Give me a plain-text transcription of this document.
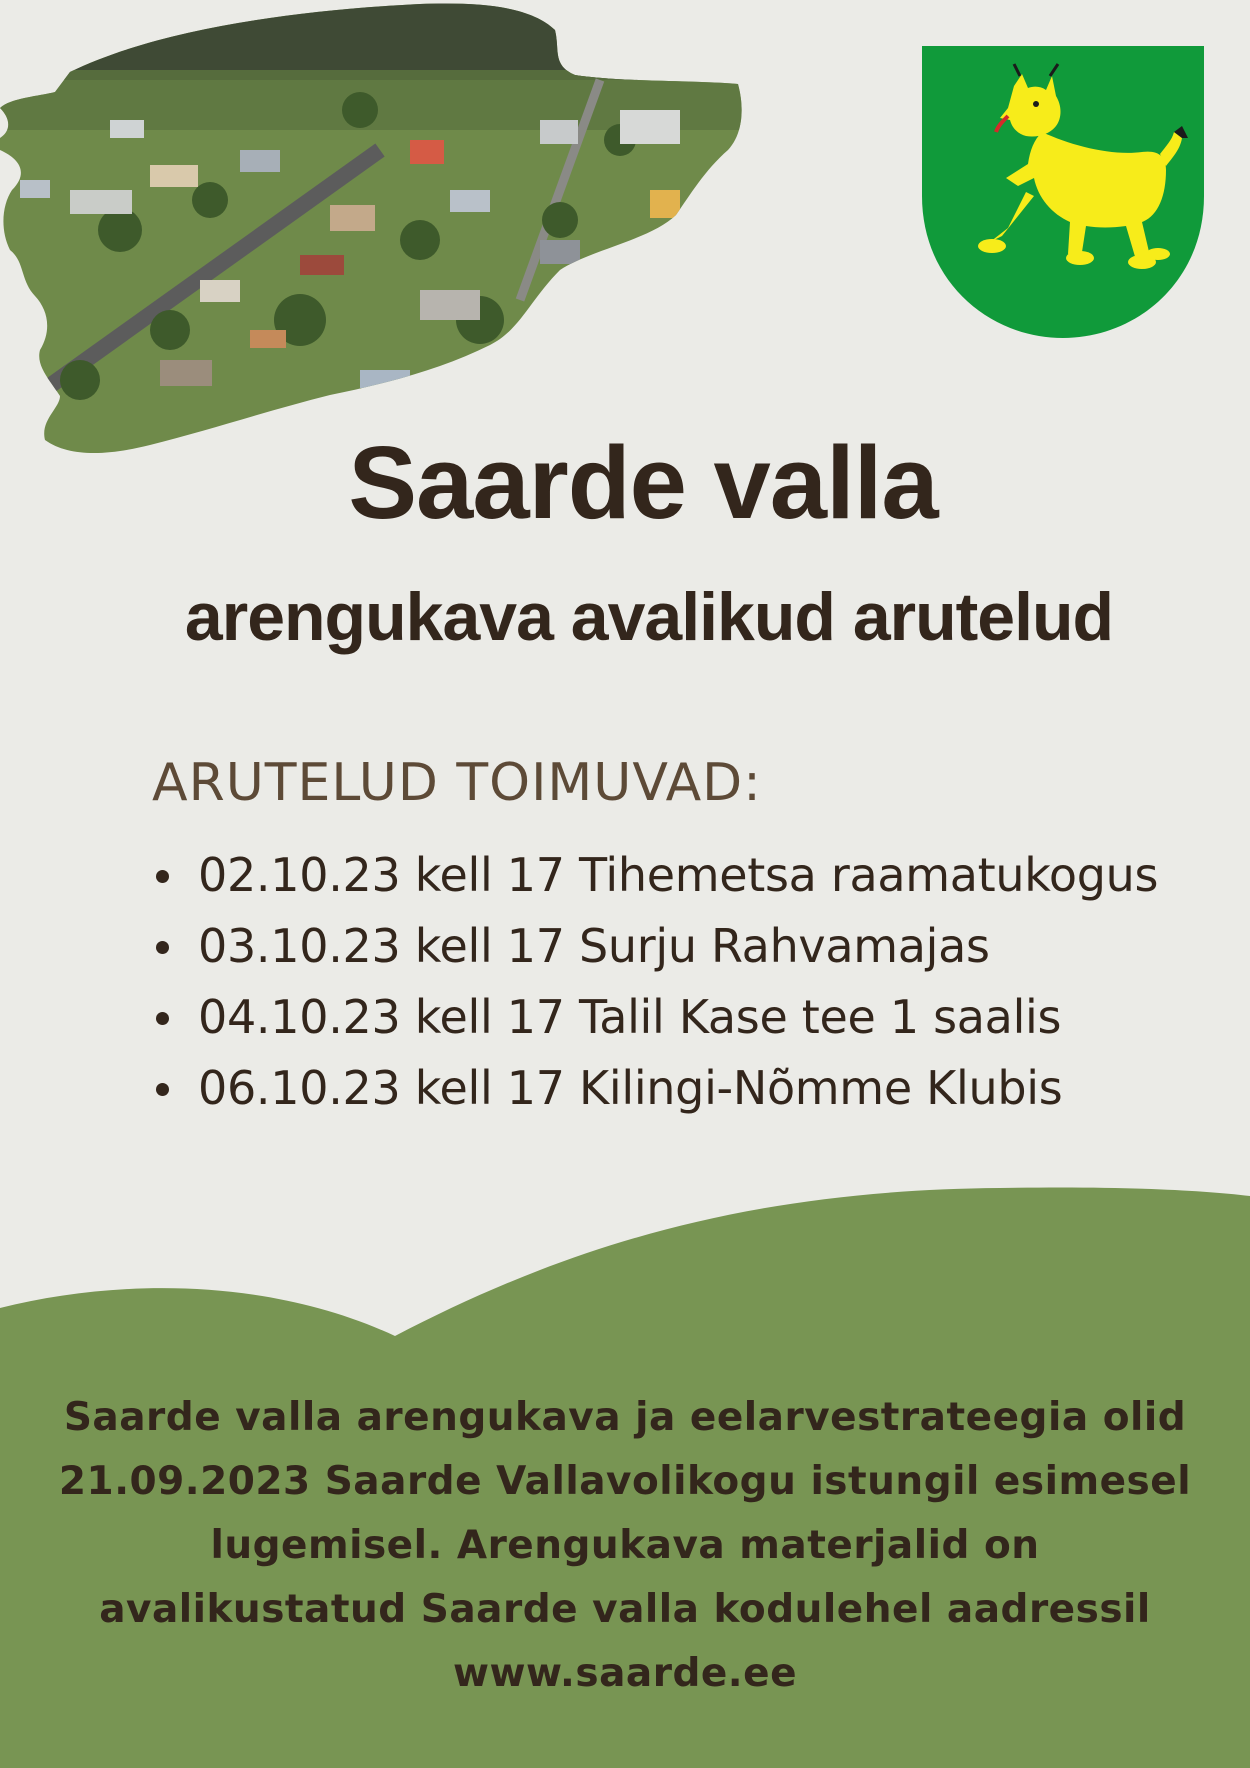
Saarde valla
arengukava avalikud arutelud
ARUTELUD TOIMUVAD:
02.10.23 kell 17 Tihemetsa raamatukogus
03.10.23 kell 17 Surju Rahvamajas
04.10.23 kell 17 Talil Kase tee 1 saalis
06.10.23 kell 17 Kilingi-Nõmme Klubis

Saarde valla arengukava ja eelarvestrateegia olid 21.09.2023 Saarde Vallavolikogu istungil esimesel lugemisel. Arengukava materjalid on avalikustatud Saarde valla kodulehel aadressil
www.saarde.ee
